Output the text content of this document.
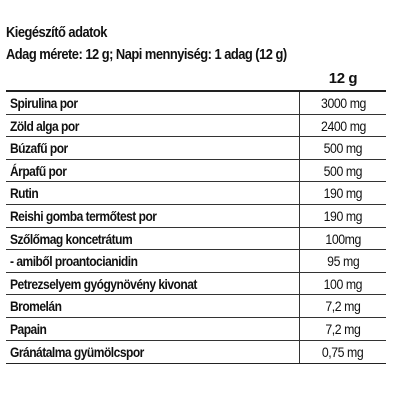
Kiegészítő adatok
Adag mérete: 12 g; Napi mennyiség: 1 adag (12 g)
12 g
Spirulina por	3000 mg
Zöld alga por	2400 mg
Búzafű por	500 mg
Árpafű por	500 mg
Rutin	190 mg
Reishi gomba termőtest por	190 mg
Szőlőmag koncetrátum	100mg
- amiből proantocianidin	95 mg
Petrezselyem gyógynövény kivonat	100 mg
Bromelán	7,2 mg
Papain	7,2 mg
Gránátalma gyümölcspor	0,75 mg
